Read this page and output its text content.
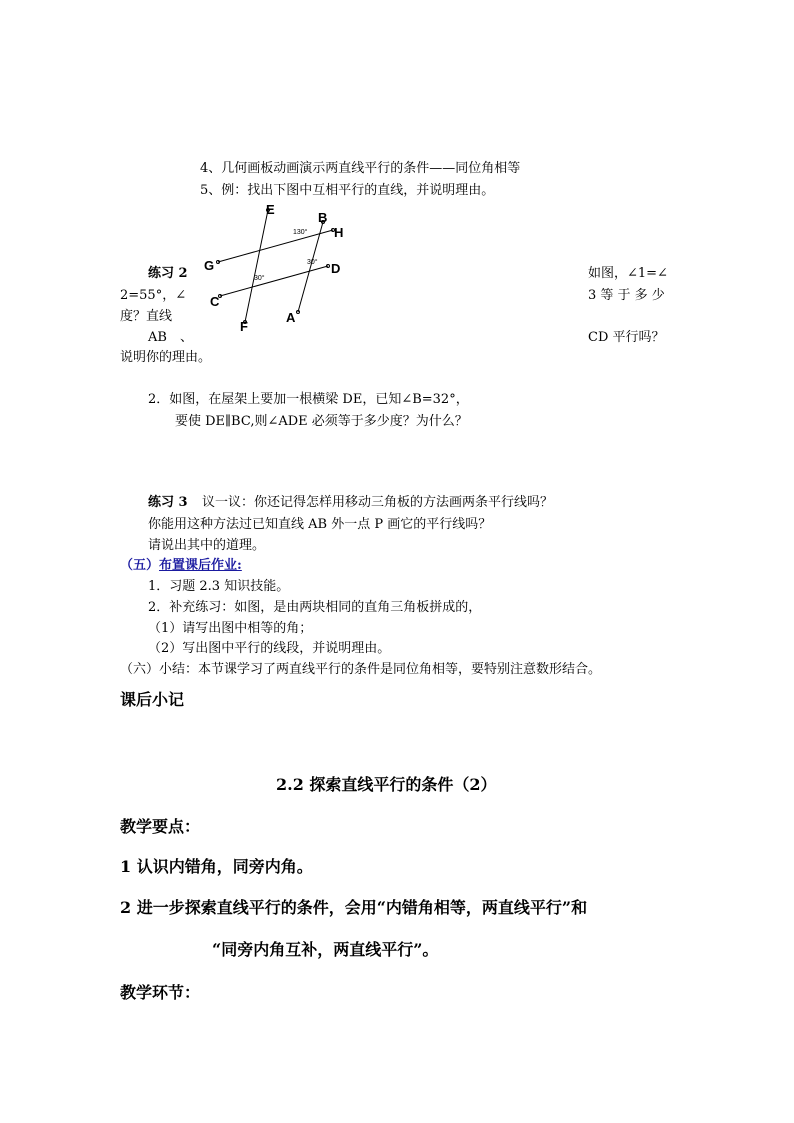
4、几何画板动画演示两直线平行的条件——同位角相等
5、例：找出下图中互相平行的直线，并说明理由。
E
B
H
G	D
C
F
A
130°
30°
30°
练习 2	如图，∠1=∠
2=55°，∠	3 等 于 多 少
度？直线
AB　、	CD 平行吗？
说明你的理由。
2．如图，在屋架上要加一根横梁 DE，已知∠B=32°，
要使 DE∥BC,则∠ADE 必须等于多少度？为什么？
练习 3 议一议：你还记得怎样用移动三角板的方法画两条平行线吗？
你能用这种方法过已知直线 AB 外一点 P 画它的平行线吗？
请说出其中的道理。
（五）布置课后作业:
1．习题 2.3 知识技能。
2．补充练习：如图，是由两块相同的直角三角板拼成的，
（1）请写出图中相等的角；
（2）写出图中平行的线段，并说明理由。
（六）小结：本节课学习了两直线平行的条件是同位角相等，要特别注意数形结合。
课后小记
2.2 探索直线平行的条件（2）
教学要点：
1 认识内错角，同旁内角。
2 进一步探索直线平行的条件，会用“内错角相等，两直线平行”和
“同旁内角互补，两直线平行”。
教学环节：
